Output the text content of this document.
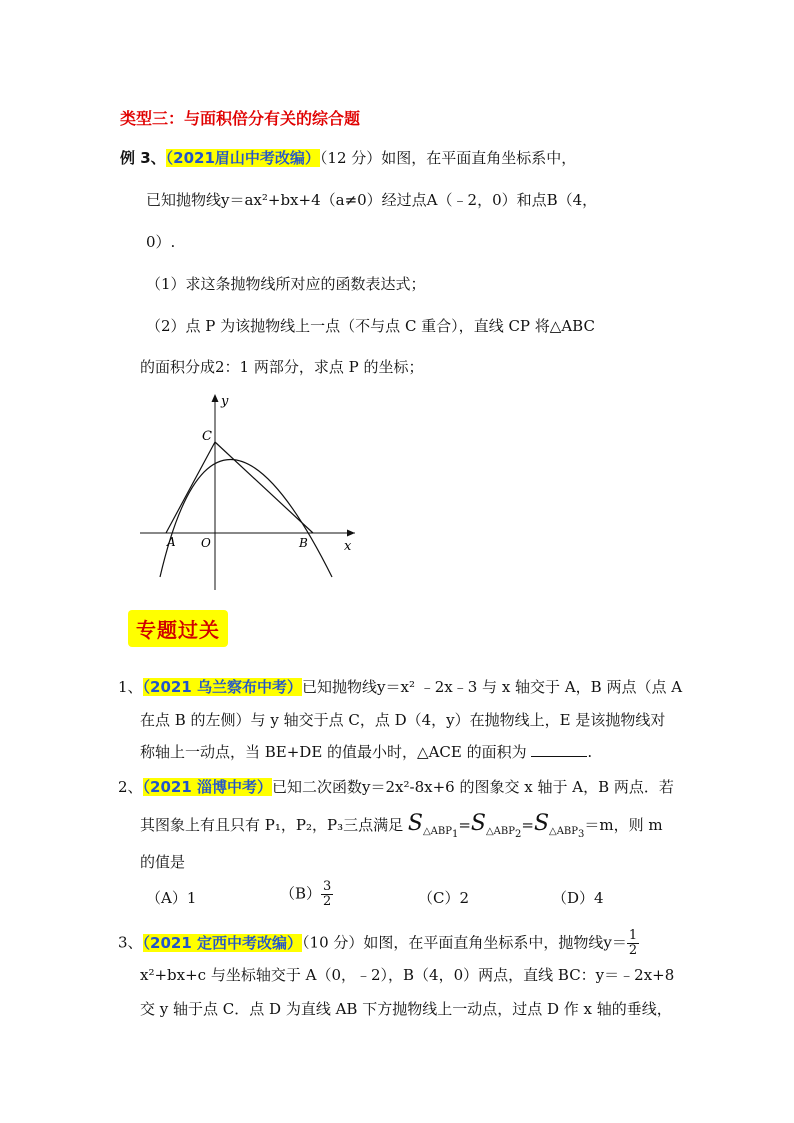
类型三：与面积倍分有关的综合题
例 3、（2021眉山中考改编）（12 分）如图，在平面直角坐标系中，
已知抛物线y＝ax²+bx+4（a≠0）经过点A（﹣2，0）和点B（4，
0）.
（1）求这条抛物线所对应的函数表达式；
（2）点 P 为该抛物线上一点（不与点 C 重合），直线 CP 将△ABC
的面积分成2：1 两部分，求点 P 的坐标；
y
C
A O	B	x
专题过关
1、（2021 乌兰察布中考）已知抛物线y＝x² ﹣2x﹣3 与 x 轴交于 A，B 两点（点 A
在点 B 的左侧）与 y 轴交于点 C，点 D（4，y）在抛物线上，E 是该抛物线对
称轴上一动点，当 BE+DE 的值最小时，△ACE 的面积为	.
2、（2021 淄博中考）已知二次函数y＝2x²-8x+6 的图象交 x 轴于 A，B 两点．若
其图象上有且只有 P₁，P₂，P₃三点满足 $S_{\triangle ABP_1}=S_{\triangle ABP_2}=S_{\triangle ABP_3}=m$，则 m
的值是
（A）1	$(B) \frac{3}{2}$	（C）2	（D）4
3、（2021 定西中考改编）（10 分）如图，在平面直角坐标系中，抛物线$y= \frac{1}{2}$
x²+bx+c 与坐标轴交于 A（0，﹣2），B（4，0）两点，直线 BC：y＝﹣2x+8
交 y 轴于点 C．点 D 为直线 AB 下方抛物线上一动点，过点 D 作 x 轴的垂线，
